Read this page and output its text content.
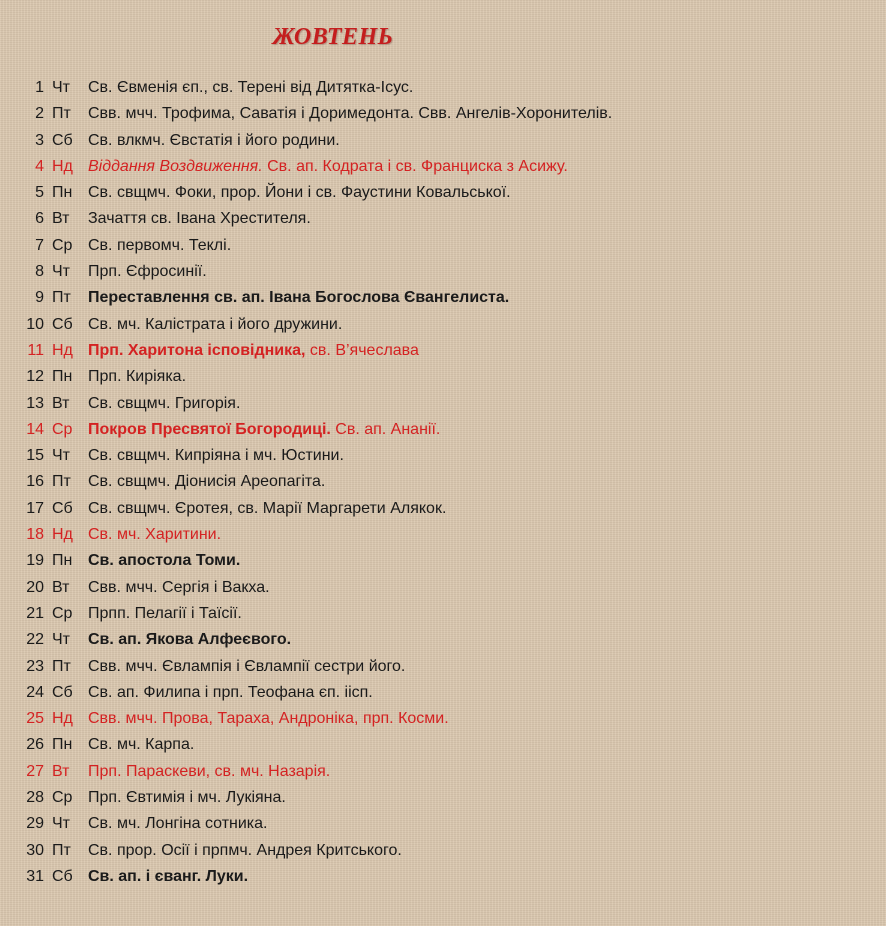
ЖОВТЕНЬ
1 Чт	Св. Євменія єп., св. Терені від Дитятка-Ісус.
2 Пт	Свв. мчч. Трофима, Саватія і Доримедонта. Свв. Ангелів-Хоронителів.
3 Сб Св. влкмч. Євстатія і його родини.
4 Нд Віддання Воздвиження. Св. ап. Кодрата і св. Франциска з Асижу.
5 Пн Св. свщмч. Фоки, прор. Йони і св. Фаустини Ковальської.
6 Вт	Зачаття св. Івана Хрестителя.
7 Ср Св. первомч. Теклі.
8 Чт	Прп. Єфросинії.
9 Пт	Переставлення св. ап. Івана Богослова Євангелиста.
10 Сб Св. мч. Калістрата і його дружини.
11 Нд Прп. Харитона ісповідника, св. В’ячеслава
12 Пн Прп. Киріяка.
13 Вт	Св. свщмч. Григорія.
14 Ср Покров Пресвятої Богородиці. Св. ап. Ананії.
15 Чт	Св. свщмч. Кипріяна і мч. Юстини.
16 Пт	Св. свщмч. Діонисія Ареопагіта.
17 Сб Св. свщмч. Єротея, св. Марії Маргарети Алякок.
18 Нд Св. мч. Харитини.
19 Пн Св. апостола Томи.
20 Вт	Свв. мчч. Сергія і Вакха.
21 Ср Прпп. Пелагії і Таїсії.
22 Чт	Св. ап. Якова Алфеєвого.
23 Пт	Свв. мчч. Євлампія і Євлампії сестри його.
24 Сб Св. ап. Филипа і прп. Теофана єп. іісп.
25 Нд Свв. мчч. Прова, Тараха, Андроніка, прп. Косми.
26 Пн Св. мч. Карпа.
27 Вт	Прп. Параскеви, св. мч. Назарія.
28 Ср Прп. Євтимія і мч. Лукіяна.
29 Чт	Св. мч. Лонгіна сотника.
30 Пт	Св. прор. Осії і прпмч. Андрея Критського.
31 Сб Св. ап. і єванг. Луки.
